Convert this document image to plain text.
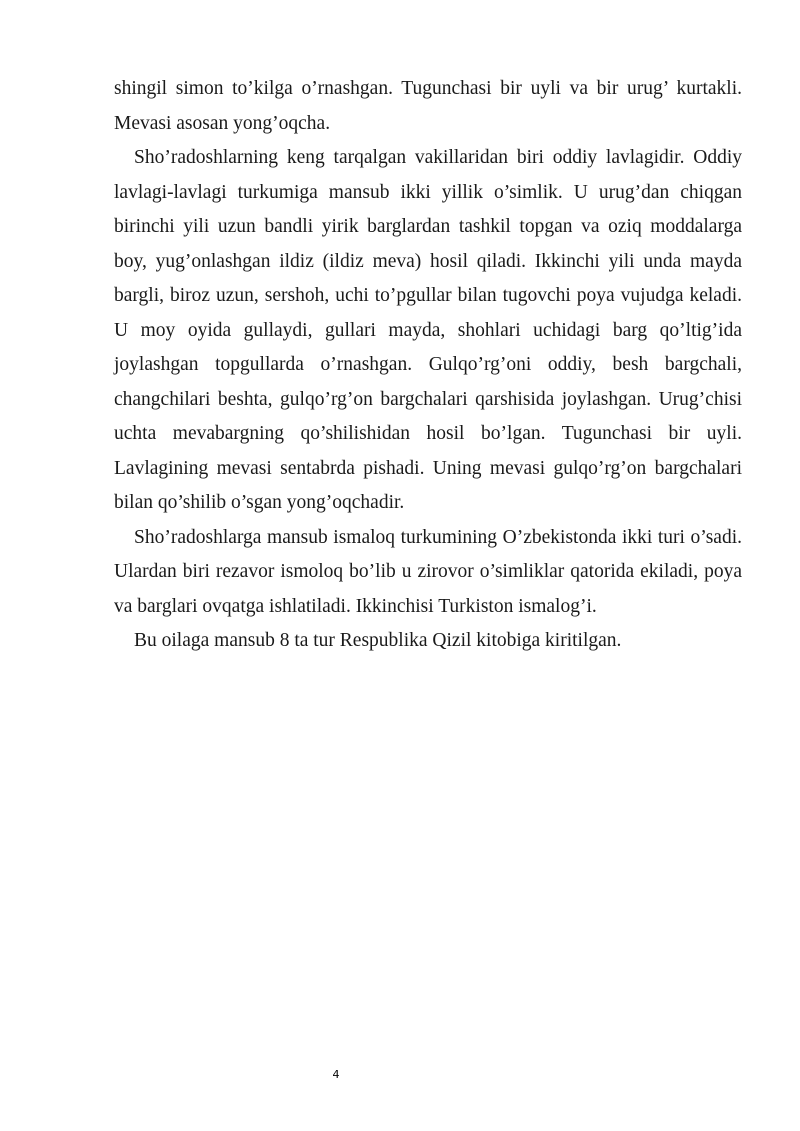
shingil simon to’kilga o’rnashgan. Tugunchasi bir uyli va bir urug’ kurtakli. Mevasi asosan yong’oqcha.

Sho’radoshlarning keng tarqalgan vakillaridan biri oddiy lavlagidir. Oddiy lavlagi-lavlagi turkumiga mansub ikki yillik o’simlik. U urug’dan chiqgan birinchi yili uzun bandli yirik barglardan tashkil topgan va oziq moddalarga boy, yug’onlashgan ildiz (ildiz meva) hosil qiladi. Ikkinchi yili unda mayda bargli, biroz uzun, sershoh, uchi to’pgullar bilan tugovchi poya vujudga keladi. U moy oyida gullaydi, gullari mayda, shohlari uchidagi barg qo’ltig’ida joylashgan topgullarda o’rnashgan. Gulqo’rg’oni oddiy, besh bargchali, changchilari beshta, gulqo’rg’on bargchalari qarshisida joylashgan. Urug’chisi uchta mevabargning qo’shilishidan hosil bo’lgan. Tugunchasi bir uyli. Lavlagining mevasi sentabrda pishadi. Uning mevasi gulqo’rg’on bargchalari bilan qo’shilib o’sgan yong’oqchadir.

Sho’radoshlarga mansub ismaloq turkumining O’zbekistonda ikki turi o’sadi. Ulardan biri rezavor ismoloq bo’lib u zirovor o’simliklar qatorida ekiladi, poya va barglari ovqatga ishlatiladi. Ikkinchisi Turkiston ismalog’i.

Bu oilaga mansub 8 ta tur Respublika Qizil kitobiga kiritilgan.

4
